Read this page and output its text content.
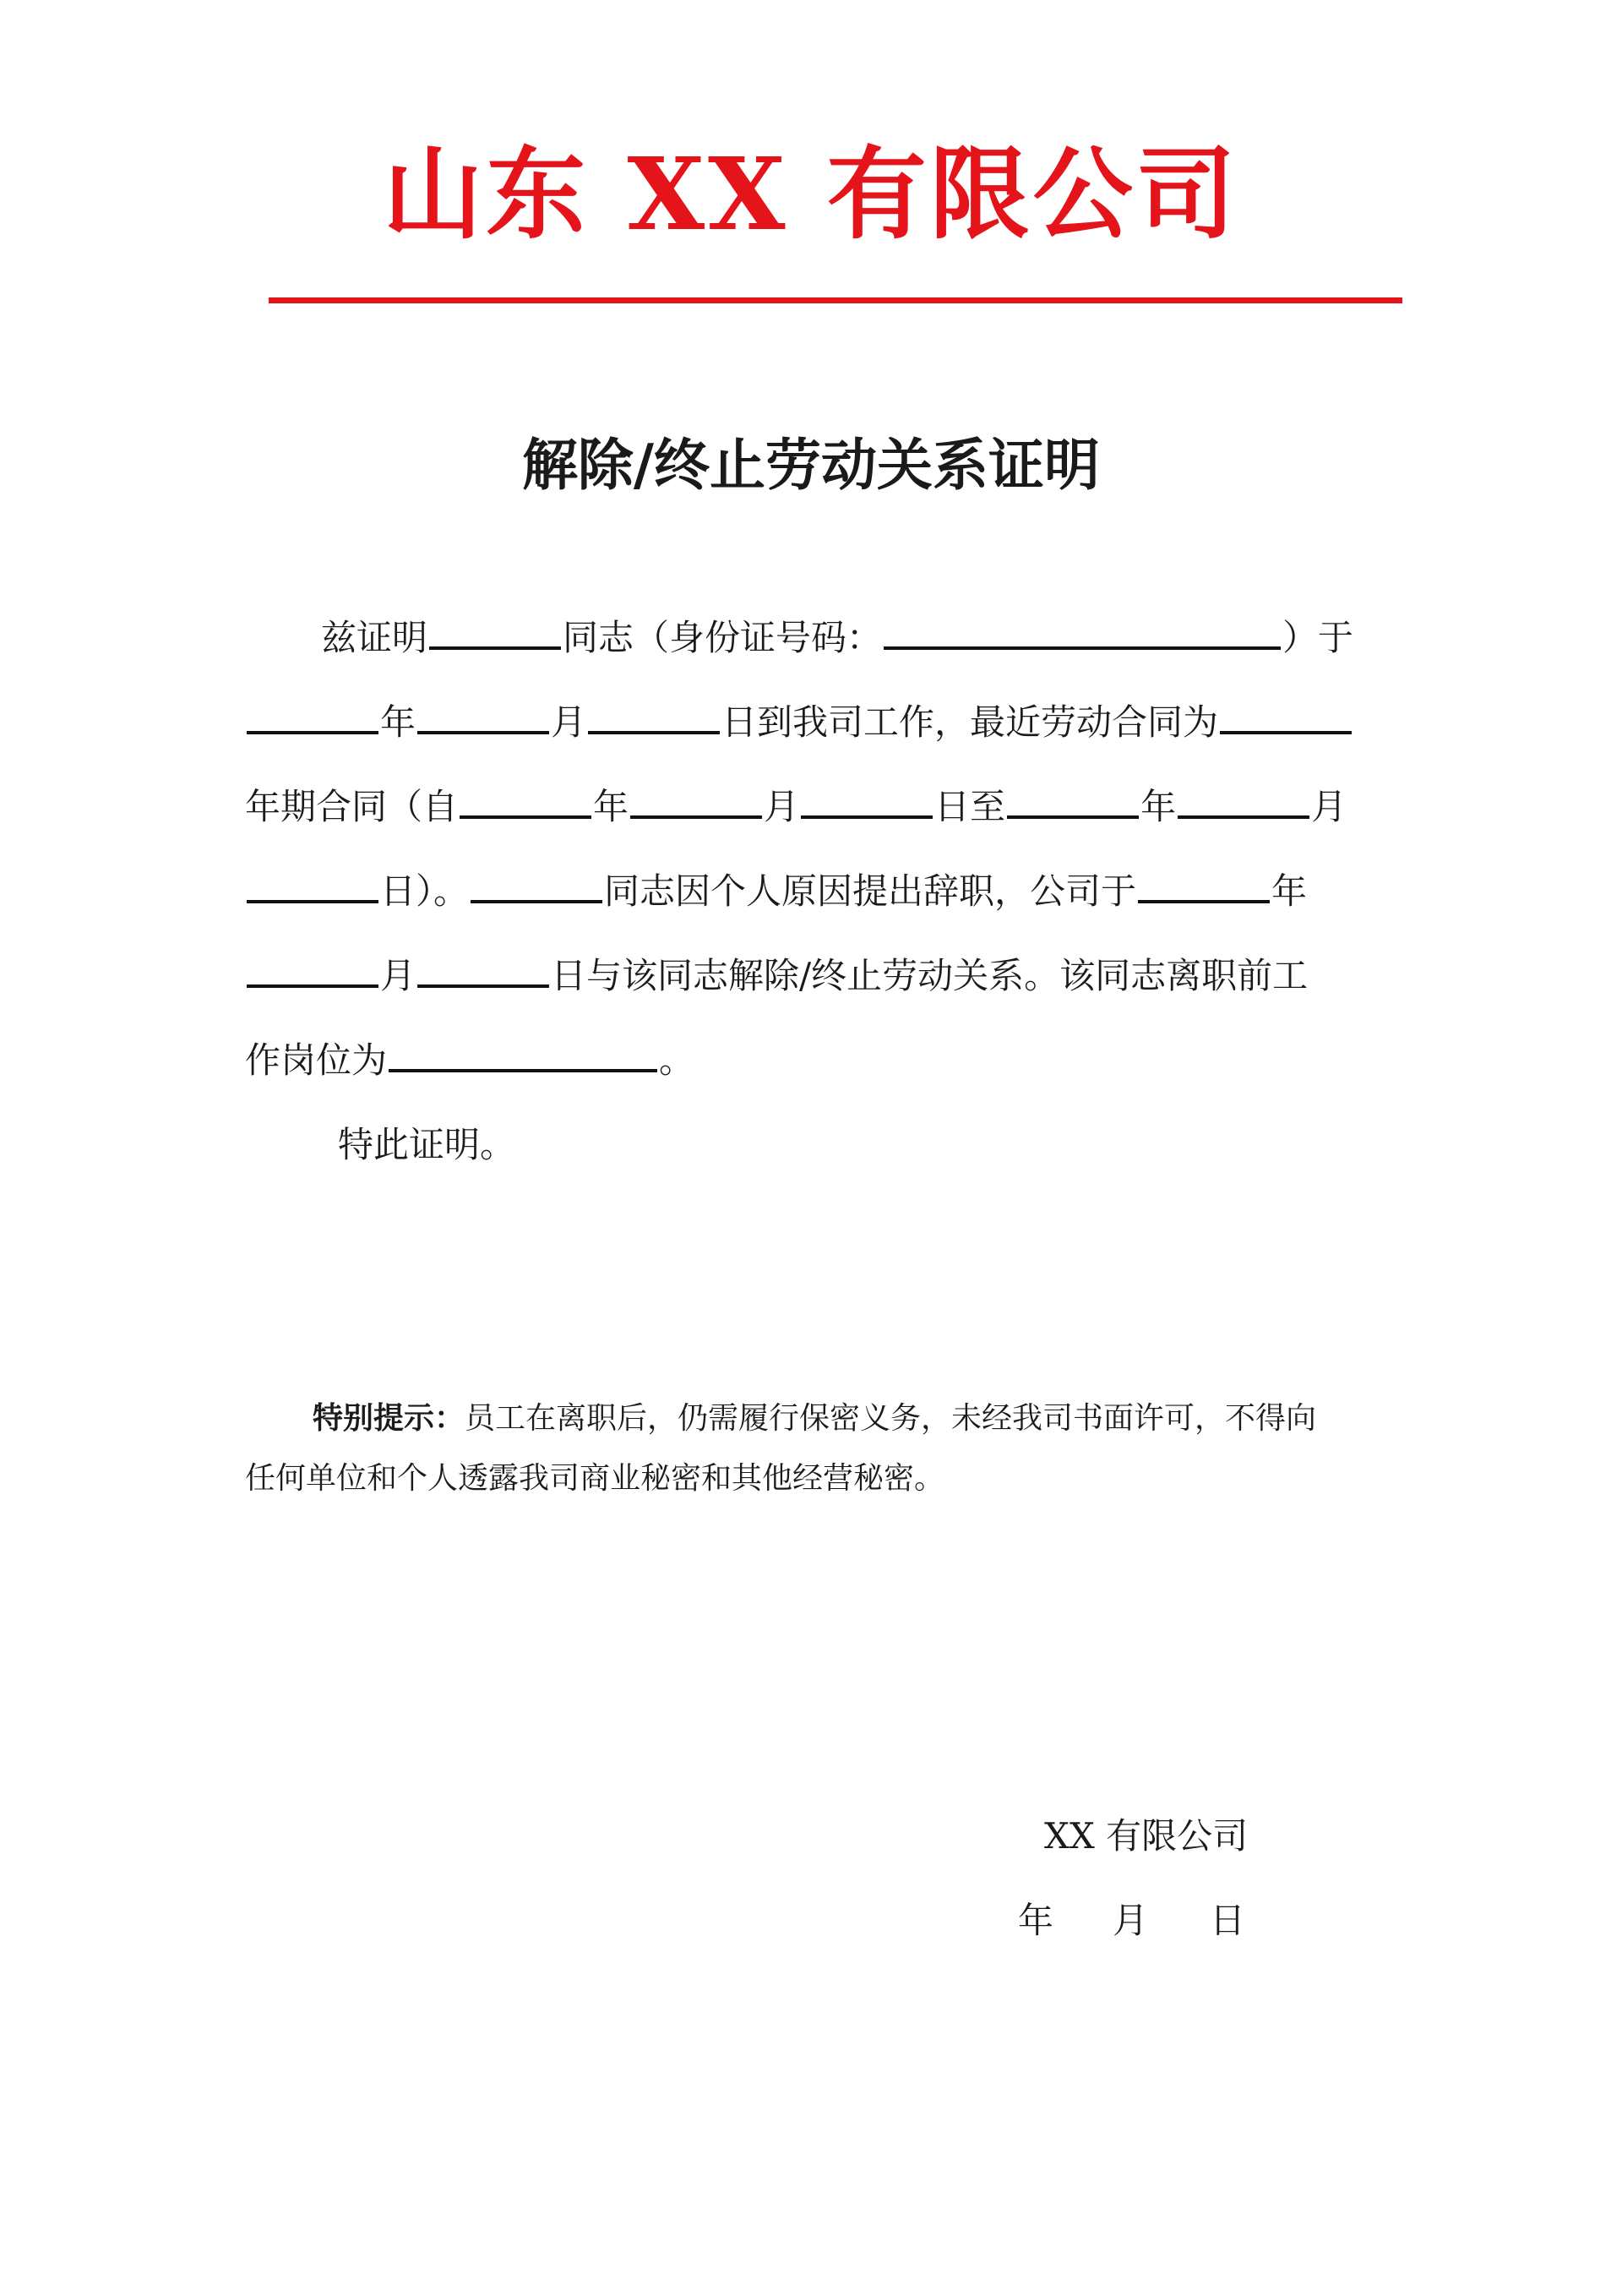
山东 XX 有限公司
解除/终止劳动关系证明
兹证明	同志（身份证号码：	）于
年	月	日到我司工作，最近劳动合同为
年期合同（自	年	月	日至	年	月
日）。	同志因个人原因提出辞职，公司于	年
月	日与该同志解除/终止劳动关系。该同志离职前工
作岗位为	。
特此证明。
特别提示：员工在离职后，仍需履行保密义务，未经我司书面许可，不得向
任何单位和个人透露我司商业秘密和其他经营秘密。
XX 有限公司
年 月 日
